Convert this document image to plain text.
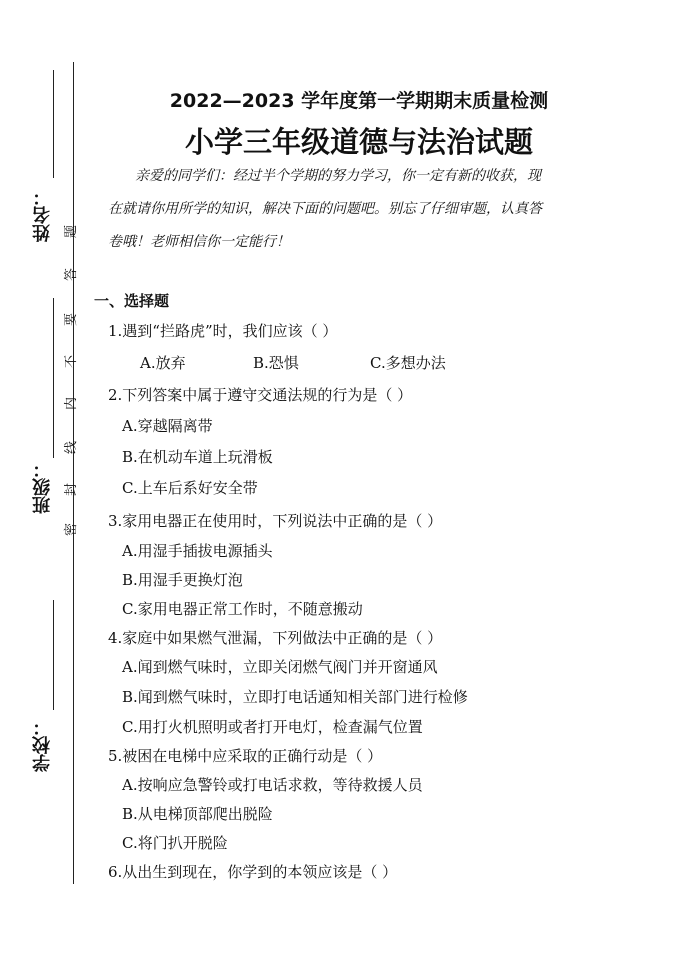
姓名：
班级：
学校：
题
答
要
不
内
线
封
密
2022—2023 学年度第一学期期末质量检测
小学三年级道德与法治试题
亲爱的同学们：经过半个学期的努力学习，你一定有新的收获，现
在就请你用所学的知识，解决下面的问题吧。别忘了仔细审题，认真答
卷哦！老师相信你一定能行！
一、选择题
1.遇到“拦路虎”时，我们应该（ ）
A.放弃	B.恐惧	C.多想办法
2.下列答案中属于遵守交通法规的行为是（ ）
A.穿越隔离带
B.在机动车道上玩滑板
C.上车后系好安全带
3.家用电器正在使用时，下列说法中正确的是（ ）
A.用湿手插拔电源插头
B.用湿手更换灯泡
C.家用电器正常工作时，不随意搬动
4.家庭中如果燃气泄漏，下列做法中正确的是（ ）
A.闻到燃气味时，立即关闭燃气阀门并开窗通风
B.闻到燃气味时，立即打电话通知相关部门进行检修
C.用打火机照明或者打开电灯，检查漏气位置
5.被困在电梯中应采取的正确行动是（ ）
A.按响应急警铃或打电话求救，等待救援人员
B.从电梯顶部爬出脱险
C.将门扒开脱险
6.从出生到现在，你学到的本领应该是（ ）
